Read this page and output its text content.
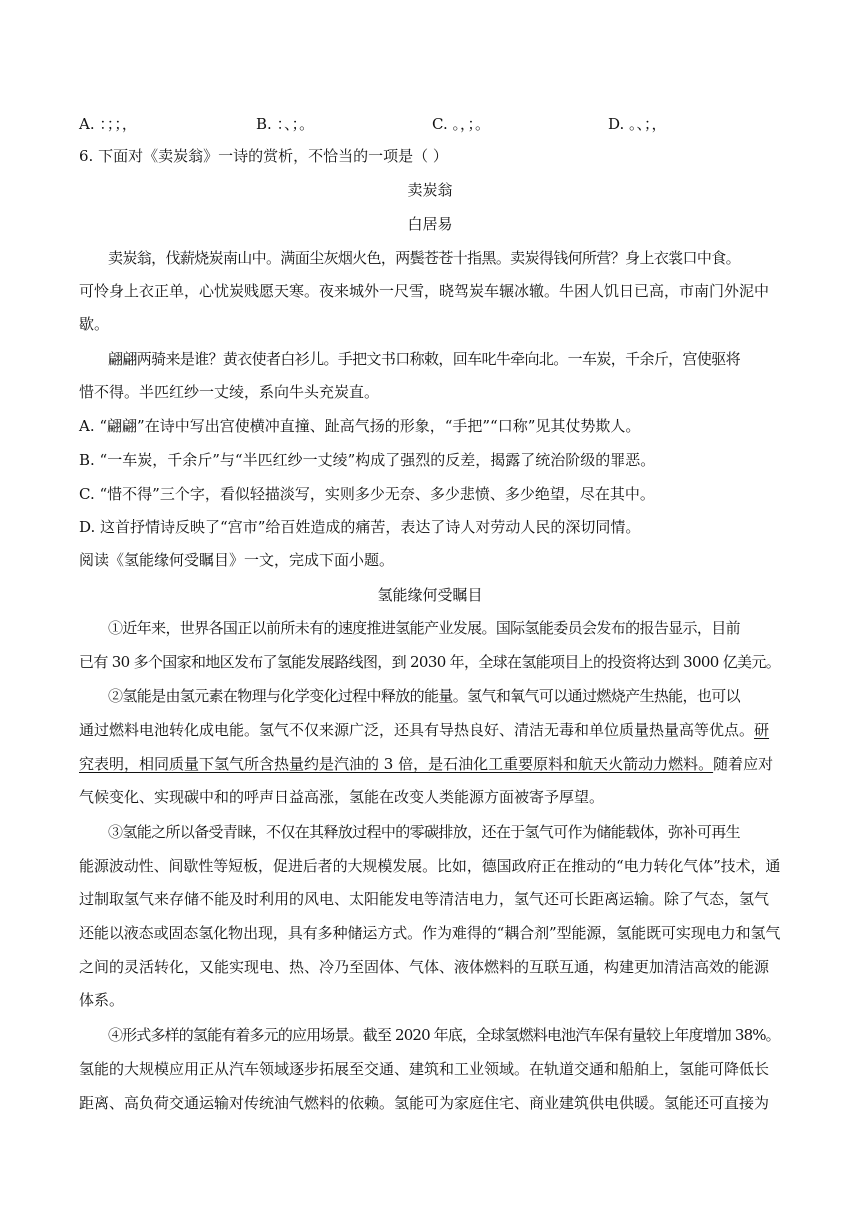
A. ：；；，	B. ：、；。	C. 。，；。	D. 。、；，

6. 下面对《卖炭翁》一诗的赏析，不恰当的一项是（ ）

卖炭翁

白居易

卖炭翁，伐薪烧炭南山中。满面尘灰烟火色，两鬓苍苍十指黑。卖炭得钱何所营？身上衣裳口中食。

可怜身上衣正单，心忧炭贱愿天寒。夜来城外一尺雪，晓驾炭车辗冰辙。牛困人饥日已高，市南门外泥中

歇。

翩翩两骑来是谁？黄衣使者白衫儿。手把文书口称敕，回车叱牛牵向北。一车炭，千余斤，宫使驱将

惜不得。半匹红纱一丈绫，系向牛头充炭直。

A. “翩翩”在诗中写出宫使横冲直撞、趾高气扬的形象，“手把”“口称”见其仗势欺人。

B. “一车炭，千余斤”与“半匹红纱一丈绫”构成了强烈的反差，揭露了统治阶级的罪恶。

C. “惜不得”三个字，看似轻描淡写，实则多少无奈、多少悲愤、多少绝望，尽在其中。

D. 这首抒情诗反映了“宫市”给百姓造成的痛苦，表达了诗人对劳动人民的深切同情。

阅读《氢能缘何受瞩目》一文，完成下面小题。

氢能缘何受瞩目

①近年来，世界各国正以前所未有的速度推进氢能产业发展。国际氢能委员会发布的报告显示，目前

已有 30 多个国家和地区发布了氢能发展路线图，到 2030 年，全球在氢能项目上的投资将达到 3000 亿美元。

②氢能是由氢元素在物理与化学变化过程中释放的能量。氢气和氧气可以通过燃烧产生热能，也可以

通过燃料电池转化成电能。氢气不仅来源广泛，还具有导热良好、清洁无毒和单位质量热量高等优点。研

究表明，相同质量下氢气所含热量约是汽油的 3 倍，是石油化工重要原料和航天火箭动力燃料。随着应对

气候变化、实现碳中和的呼声日益高涨，氢能在改变人类能源方面被寄予厚望。

③氢能之所以备受青睐，不仅在其释放过程中的零碳排放，还在于氢气可作为储能载体，弥补可再生

能源波动性、间歇性等短板，促进后者的大规模发展。比如，德国政府正在推动的“电力转化气体”技术，通

过制取氢气来存储不能及时利用的风电、太阳能发电等清洁电力，氢气还可长距离运输。除了气态，氢气

还能以液态或固态氢化物出现，具有多种储运方式。作为难得的“耦合剂”型能源，氢能既可实现电力和氢气

之间的灵活转化，又能实现电、热、冷乃至固体、气体、液体燃料的互联互通，构建更加清洁高效的能源

体系。

④形式多样的氢能有着多元的应用场景。截至 2020 年底，全球氢燃料电池汽车保有量较上年度增加 38%。

氢能的大规模应用正从汽车领域逐步拓展至交通、建筑和工业领域。在轨道交通和船舶上，氢能可降低长

距离、高负荷交通运输对传统油气燃料的依赖。氢能可为家庭住宅、商业建筑供电供暖。氢能还可直接为
